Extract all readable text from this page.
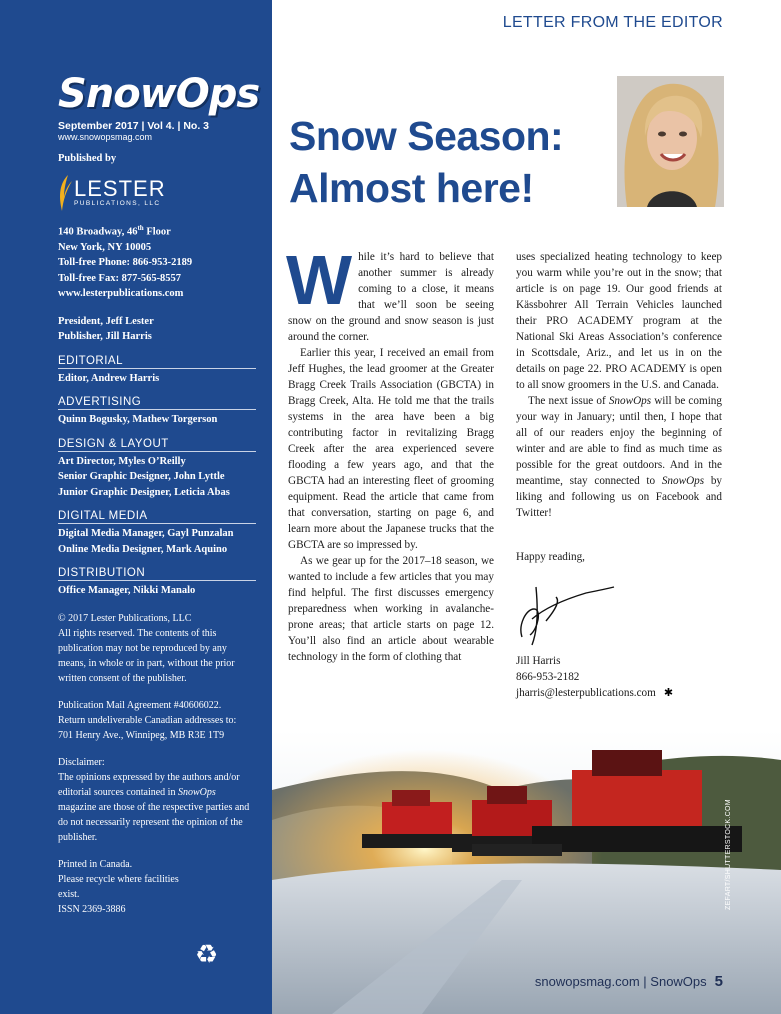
SnowOps
September 2017 | Vol 4. | No. 3
www.snowopsmag.com
Published by
LESTER
PUBLICATIONS, LLC
140 Broadway, 46th Floor
New York, NY 10005
Toll-free Phone: 866-953-2189
Toll-free Fax: 877-565-8557
www.lesterpublications.com
President, Jeff Lester
Publisher, Jill Harris
EDITORIAL
Editor, Andrew Harris
ADVERTISING
Quinn Bogusky, Mathew Torgerson
DESIGN & LAYOUT
Art Director, Myles O’Reilly
Senior Graphic Designer, John Lyttle
Junior Graphic Designer, Leticia Abas
DIGITAL MEDIA
Digital Media Manager, Gayl Punzalan
Online Media Designer, Mark Aquino
DISTRIBUTION
Office Manager, Nikki Manalo
© 2017 Lester Publications, LLC
All rights reserved. The contents of this publication may not be reproduced by any means, in whole or in part, without the prior written consent of the publisher.
Publication Mail Agreement #40606022.
Return undeliverable Canadian addresses to:
701 Henry Ave., Winnipeg, MB R3E 1T9
Disclaimer:
The opinions expressed by the authors and/or editorial sources contained in SnowOps magazine are those of the respective parties and do not necessarily represent the opinion of the publisher.
Printed in Canada.
Please recycle where facilities exist.
ISSN 2369-3886
♻
LETTER FROM THE EDITOR
Snow Season:
Almost here!

While it’s hard to believe that another summer is already coming to a close, it means that we’ll soon be seeing snow on the ground and snow season is just around the corner.

Earlier this year, I received an email from Jeff Hughes, the lead groomer at the Greater Bragg Creek Trails Association (GBCTA) in Bragg Creek, Alta. He told me that the trails systems in the area have been a big contributing factor in revitalizing Bragg Creek after the area experienced severe flooding a few years ago, and that the GBCTA had an interesting fleet of grooming equipment. Read the article that came from that conversation, starting on page 6, and learn more about the Japanese trucks that the GBCTA are so impressed by.

As we gear up for the 2017–18 season, we wanted to include a few articles that you may find helpful. The first discusses emergency preparedness when working in avalanche-prone areas; that article starts on page 12. You’ll also find an article about wearable technology in the form of clothing that

uses specialized heating technology to keep you warm while you’re out in the snow; that article is on page 19. Our good friends at Kässbohrer All Terrain Vehicles launched their PRO ACADEMY program at the National Ski Areas Association’s conference in Scottsdale, Ariz., and let us in on the details on page 22. PRO ACADEMY is open to all snow groomers in the U.S. and Canada.

The next issue of SnowOps will be coming your way in January; until then, I hope that all of our readers enjoy the beginning of winter and are able to find as much time as possible for the great outdoors. And in the meantime, stay connected to SnowOps by liking and following us on Facebook and Twitter!

Happy reading,
Jill Harris
866-953-2182
jharris@lesterpublications.com ✱
ZEFART/SHUTTERSTOCK.COM
snowopsmag.com | SnowOps 5
